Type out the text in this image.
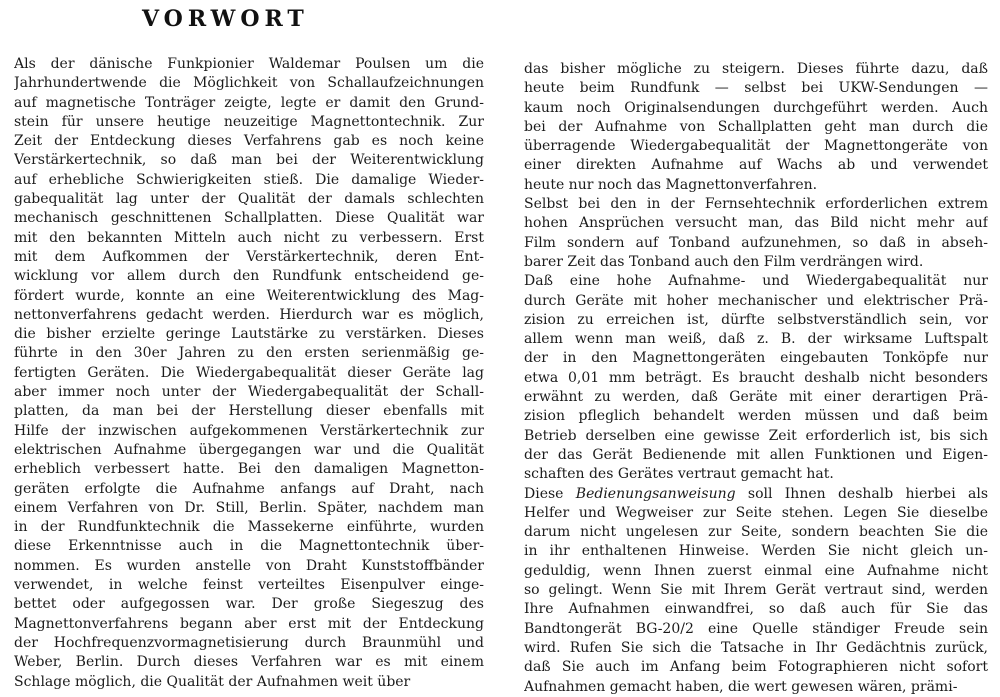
VORWORT
Als der dänische Funkpionier Waldemar Poulsen um die
Jahrhundertwende die Möglichkeit von Schallaufzeichnungen
auf magnetische Tonträger zeigte, legte er damit den Grund-
stein für unsere heutige neuzeitige Magnettontechnik. Zur
Zeit der Entdeckung dieses Verfahrens gab es noch keine
Verstärkertechnik, so daß man bei der Weiterentwicklung
auf erhebliche Schwierigkeiten stieß. Die damalige Wieder-
gabequalität lag unter der Qualität der damals schlechten
mechanisch geschnittenen Schallplatten. Diese Qualität war
mit den bekannten Mitteln auch nicht zu verbessern. Erst
mit dem Aufkommen der Verstärkertechnik, deren Ent-
wicklung vor allem durch den Rundfunk entscheidend ge-
fördert wurde, konnte an eine Weiterentwicklung des Mag-
nettonverfahrens gedacht werden. Hierdurch war es möglich,
die bisher erzielte geringe Lautstärke zu verstärken. Dieses
führte in den 30er Jahren zu den ersten serienmäßig ge-
fertigten Geräten. Die Wiedergabequalität dieser Geräte lag
aber immer noch unter der Wiedergabequalität der Schall-
platten, da man bei der Herstellung dieser ebenfalls mit
Hilfe der inzwischen aufgekommenen Verstärkertechnik zur
elektrischen Aufnahme übergegangen war und die Qualität
erheblich verbessert hatte. Bei den damaligen Magnetton-
geräten erfolgte die Aufnahme anfangs auf Draht, nach
einem Verfahren von Dr. Still, Berlin. Später, nachdem man
in der Rundfunktechnik die Massekerne einführte, wurden
diese Erkenntnisse auch in die Magnettontechnik über-
nommen. Es wurden anstelle von Draht Kunststoffbänder
verwendet, in welche feinst verteiltes Eisenpulver einge-
bettet oder aufgegossen war. Der große Siegeszug des
Magnettonverfahrens begann aber erst mit der Entdeckung
der Hochfrequenzvormagnetisierung durch Braunmühl und
Weber, Berlin. Durch dieses Verfahren war es mit einem
Schlage möglich, die Qualität der Aufnahmen weit über
das bisher mögliche zu steigern. Dieses führte dazu, daß
heute beim Rundfunk — selbst bei UKW-Sendungen —
kaum noch Originalsendungen durchgeführt werden. Auch
bei der Aufnahme von Schallplatten geht man durch die
überragende Wiedergabequalität der Magnettongeräte von
einer direkten Aufnahme auf Wachs ab und verwendet
heute nur noch das Magnettonverfahren.
Selbst bei den in der Fernsehtechnik erforderlichen extrem
hohen Ansprüchen versucht man, das Bild nicht mehr auf
Film sondern auf Tonband aufzunehmen, so daß in abseh-
barer Zeit das Tonband auch den Film verdrängen wird.
Daß eine hohe Aufnahme- und Wiedergabequalität nur
durch Geräte mit hoher mechanischer und elektrischer Prä-
zision zu erreichen ist, dürfte selbstverständlich sein, vor
allem wenn man weiß, daß z. B. der wirksame Luftspalt
der in den Magnettongeräten eingebauten Tonköpfe nur
etwa 0,01 mm beträgt. Es braucht deshalb nicht besonders
erwähnt zu werden, daß Geräte mit einer derartigen Prä-
zision pfleglich behandelt werden müssen und daß beim
Betrieb derselben eine gewisse Zeit erforderlich ist, bis sich
der das Gerät Bedienende mit allen Funktionen und Eigen-
schaften des Gerätes vertraut gemacht hat.
Diese Bedienungsanweisung soll Ihnen deshalb hierbei als
Helfer und Wegweiser zur Seite stehen. Legen Sie dieselbe
darum nicht ungelesen zur Seite, sondern beachten Sie die
in ihr enthaltenen Hinweise. Werden Sie nicht gleich un-
geduldig, wenn Ihnen zuerst einmal eine Aufnahme nicht
so gelingt. Wenn Sie mit Ihrem Gerät vertraut sind, werden
Ihre Aufnahmen einwandfrei, so daß auch für Sie das
Bandtongerät BG-20/2 eine Quelle ständiger Freude sein
wird. Rufen Sie sich die Tatsache in Ihr Gedächtnis zurück,
daß Sie auch im Anfang beim Fotographieren nicht sofort
Aufnahmen gemacht haben, die wert gewesen wären, prämi-
